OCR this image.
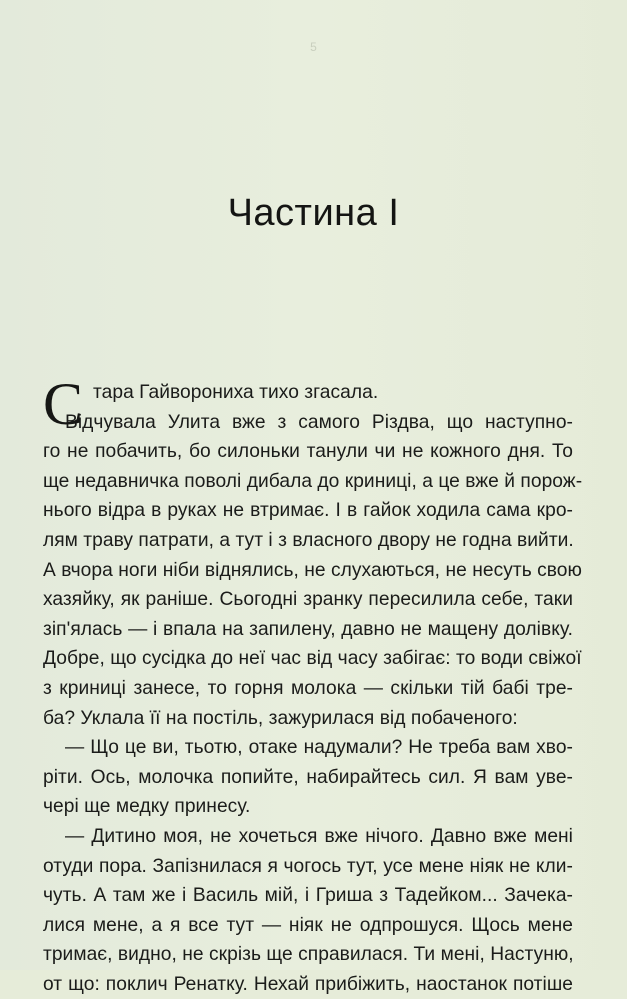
5
Частина I
С тара Гайворониха тихо згасала.
Відчувала Улита вже з самого Різдва, що наступно-
го не побачить, бо силоньки танули чи не кожного дня. То
ще недавничка поволі дибала до криниці, а це вже й порож-
нього відра в руках не втримає. І в гайок ходила сама кро-
лям траву патрати, а тут і з власного двору не годна вийти.
А вчора ноги ніби віднялись, не слухаються, не несуть свою
хазяйку, як раніше. Сьогодні зранку пересилила себе, таки
зіп'ялась — і впала на запилену, давно не мащену долівку.
Добре, що сусідка до неї час від часу забігає: то води свіжої
з криниці занесе, то горня молока — скільки тій бабі тре-
ба? Уклала її на постіль, зажурилася від побаченого:
— Що це ви, тьотю, отаке надумали? Не треба вам хво-
ріти. Ось, молочка попийте, набирайтесь сил. Я вам уве-
чері ще медку принесу.
— Дитино моя, не хочеться вже нічого. Давно вже мені
отуди пора. Запізнилася я чогось тут, усе мене ніяк не кли-
чуть. А там же і Василь мій, і Гриша з Тадейком... Зачека-
лися мене, а я все тут — ніяк не одпрошуся. Щось мене
тримає, видно, не скрізь ще справилася. Ти мені, Настуню,
от що: поклич Ренатку. Нехай прибіжить, наостанок потіше
